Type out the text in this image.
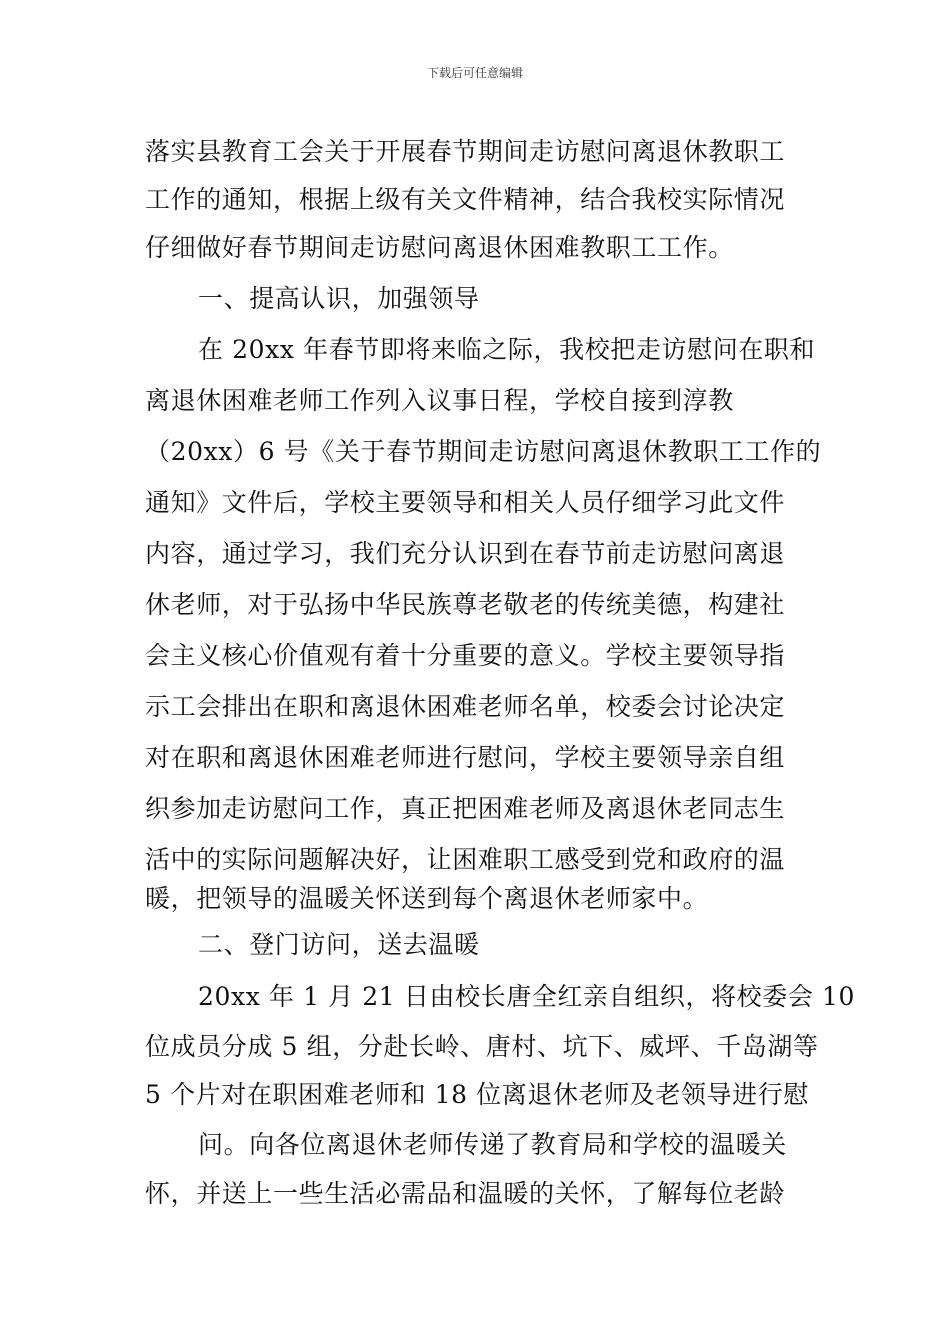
下载后可任意编辑
落实县教育工会关于开展春节期间走访慰问离退休教职工
工作的通知，根据上级有关文件精神，结合我校实际情况
仔细做好春节期间走访慰问离退休困难教职工工作。
一、提高认识，加强领导
在 20xx 年春节即将来临之际，我校把走访慰问在职和
离退休困难老师工作列入议事日程，学校自接到淳教
（20xx）6 号《关于春节期间走访慰问离退休教职工工作的
通知》文件后，学校主要领导和相关人员仔细学习此文件
内容，通过学习，我们充分认识到在春节前走访慰问离退
休老师，对于弘扬中华民族尊老敬老的传统美德，构建社
会主义核心价值观有着十分重要的意义。学校主要领导指
示工会排出在职和离退休困难老师名单，校委会讨论决定
对在职和离退休困难老师进行慰问，学校主要领导亲自组
织参加走访慰问工作，真正把困难老师及离退休老同志生
活中的实际问题解决好，让困难职工感受到党和政府的温
暖，把领导的温暖关怀送到每个离退休老师家中。
二、登门访问，送去温暖
20xx 年 1 月 21 日由校长唐全红亲自组织，将校委会 10
位成员分成 5 组，分赴长岭、唐村、坑下、威坪、千岛湖等
5 个片对在职困难老师和 18 位离退休老师及老领导进行慰
问。向各位离退休老师传递了教育局和学校的温暖关
怀，并送上一些生活必需品和温暖的关怀，了解每位老龄
